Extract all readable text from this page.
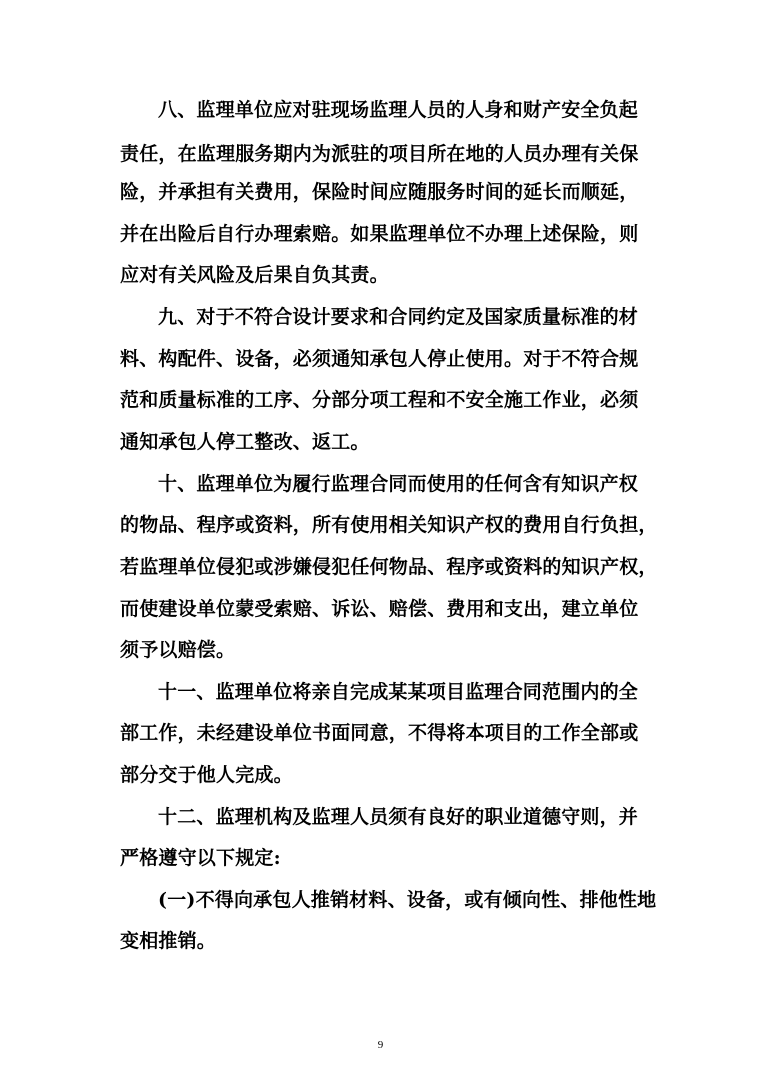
八、监理单位应对驻现场监理人员的人身和财产安全负起
责任，在监理服务期内为派驻的项目所在地的人员办理有关保
险，并承担有关费用，保险时间应随服务时间的延长而顺延，
并在出险后自行办理索赔。如果监理单位不办理上述保险，则
应对有关风险及后果自负其责。
九、对于不符合设计要求和合同约定及国家质量标准的材
料、构配件、设备，必须通知承包人停止使用。对于不符合规
范和质量标准的工序、分部分项工程和不安全施工作业，必须
通知承包人停工整改、返工。
十、监理单位为履行监理合同而使用的任何含有知识产权
的物品、程序或资料，所有使用相关知识产权的费用自行负担，
若监理单位侵犯或涉嫌侵犯任何物品、程序或资料的知识产权，
而使建设单位蒙受索赔、诉讼、赔偿、费用和支出，建立单位
须予以赔偿。
十一、监理单位将亲自完成某某项目监理合同范围内的全
部工作，未经建设单位书面同意，不得将本项目的工作全部或
部分交于他人完成。
十二、监理机构及监理人员须有良好的职业道德守则，并
严格遵守以下规定:
(一)不得向承包人推销材料、设备，或有倾向性、排他性地
变相推销。
9
